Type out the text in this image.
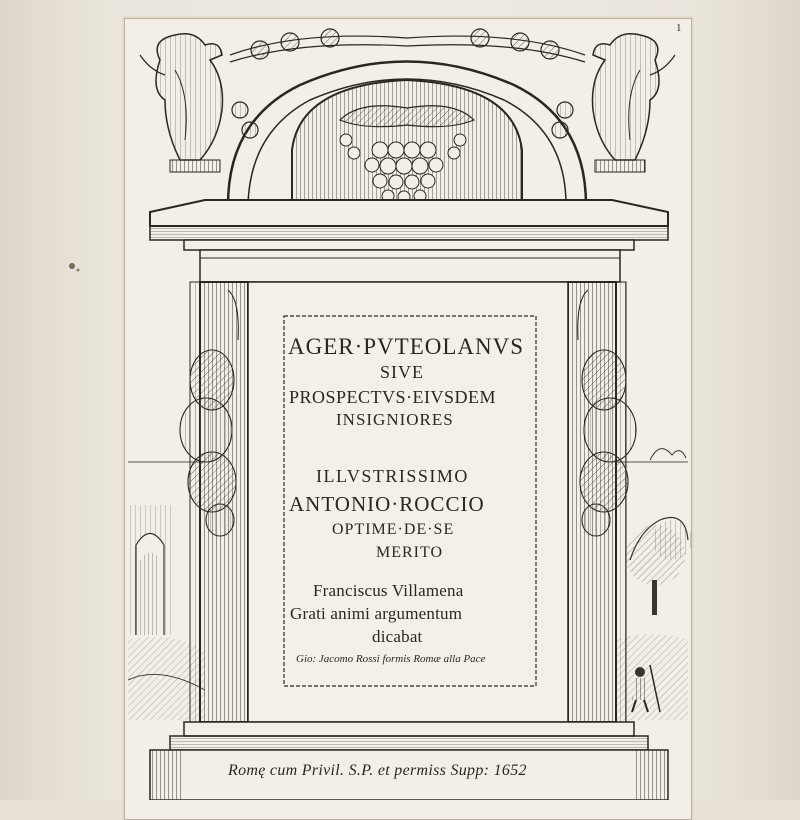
1
AGER·PVTEOLANVS
SIVE
PROSPECTVS·EIVSDEM
INSIGNIORES
ILLVSTRISSIMO
ANTONIO·ROCCIO
OPTIME·DE·SE
MERITO
Franciscus Villamena
Grati animi argumentum
dicabat
Gio: Jacomo Rossi formis Romæ alla Pace
Romę cum Privil. S.P. et permiss Supp: 1652
